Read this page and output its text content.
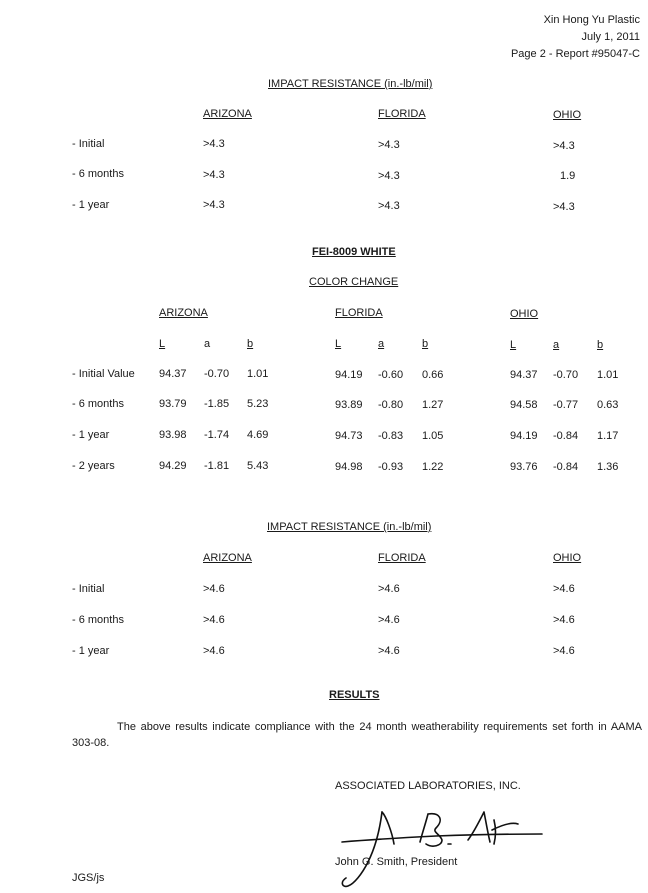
Xin Hong Yu Plastic
July 1, 2011
Page 2 - Report #95047-C
IMPACT RESISTANCE (in.-lb/mil)
ARIZONA	FLORIDA	OHIO
- Initial	>4.3	>4.3	>4.3
- 6 months	>4.3	>4.3	1.9
- 1 year	>4.3	>4.3	>4.3
FEI-8009 WHITE
COLOR CHANGE
ARIZONA	FLORIDA	OHIO
L	a	b	L	a	b	L	a	b
- Initial Value 94.37 -0.70 1.01	94.19 -0.60 0.66	94.37 -0.70 1.01
- 6 months	93.79 -1.85 5.23	93.89 -0.80 1.27	94.58 -0.77 0.63
- 1 year	93.98 -1.74 4.69	94.73 -0.83 1.05	94.19 -0.84 1.17
- 2 years	94.29 -1.81 5.43	94.98 -0.93 1.22	93.76 -0.84 1.36
IMPACT RESISTANCE (in.-lb/mil)
ARIZONA	FLORIDA	OHIO
- Initial	>4.6	>4.6	>4.6
- 6 months	>4.6	>4.6	>4.6
- 1 year	>4.6	>4.6	>4.6
RESULTS
The above results indicate compliance with the 24 month weatherability requirements set forth in AAMA 303-08.
ASSOCIATED LABORATORIES, INC.
John G. Smith, President
JGS/js
